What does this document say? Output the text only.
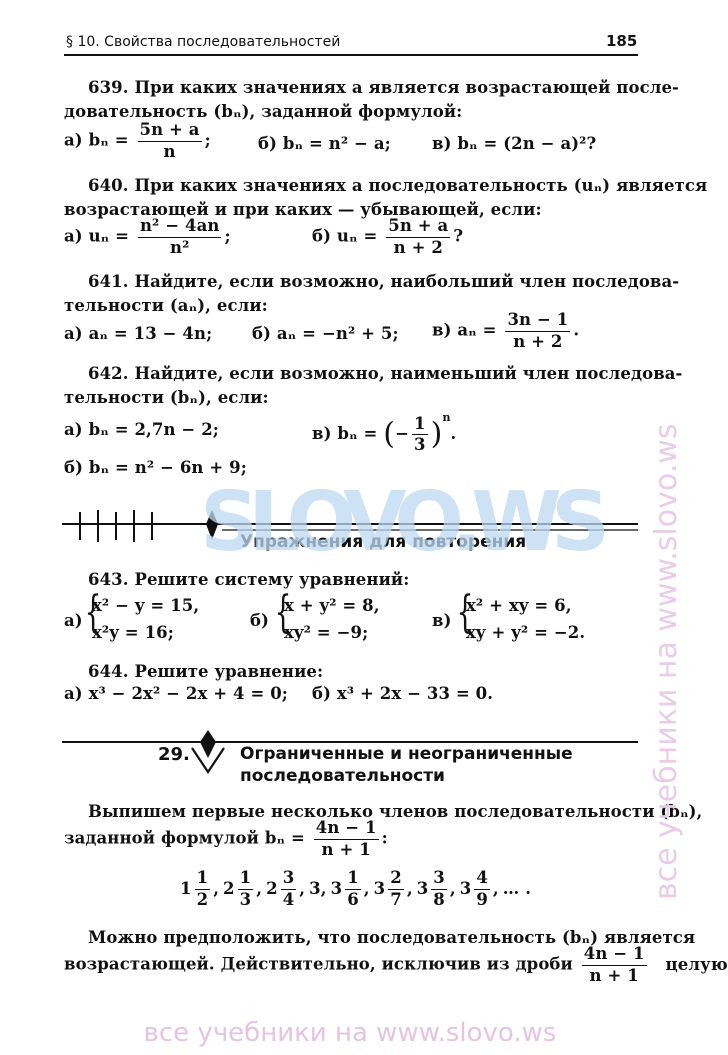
§ 10. Свойства последовательностей	185
639. При каких значениях a является возрастающей после-
довательность (bₙ), заданной формулой:
а) $b_n = \frac{5n + a}{n}$ ;	б) bₙ = n² − a; в) bₙ = (2n − a)²?
640. При каких значениях a последовательность (uₙ) является
возрастающей и при каких — убывающей, если:
а) $u_n = \frac{\text{n² − 4an}}{\text{n²}}$ ;	б) $u_n = \frac{5n + a}{n + 2}$ ?
641. Найдите, если возможно, наибольший член последова-
тельности (aₙ), если:
а) aₙ = 13 − 4n; б) aₙ = −n² + 5; в) $a_n = \frac{3n - 1}{n + 2}$ .
642. Найдите, если возможно, наименьший член последова-
тельности (bₙ), если:
а) bₙ = 2,7n − 2;	в) bₙ = (− $\frac{1}{3} )^n$.
б) bₙ = n² − 6n + 9;
Упражнения для повторения
SLOVO.WS
643. Решите систему уравнений:
а) {
x² − y = 15,
x²y = 16;
б) {
x + y² = 8,
xy² = −9;
в) {
x² + xy = 6,
xy + y² = −2.
644. Решите уравнение:
а) x³ − 2x² − 2x + 4 = 0; б) x³ + 2x − 33 = 0.
29.	Ограниченные и неограниченные
последовательности
Выпишем первые несколько членов последовательности (bₙ),
заданной формулой $b_n = \frac{4n - 1}{n + 1}$ :
$1 \frac{1}{2}$ , $2 \frac{1}{3}$ , $2 \frac{3}{4}$ , 3 , $3 \frac{1}{6}$ , $3 \frac{2}{7}$ , $3 \frac{3}{8}$ , $3 \frac{4}{9}$ , … .
Можно предположить, что последовательность (bₙ) является
возрастающей. Действительно, исключив из дроби $\frac{4n - 1}{n + 1}$ целую
все учебники на www.slovo.ws
все учебники на www.slovo.ws
